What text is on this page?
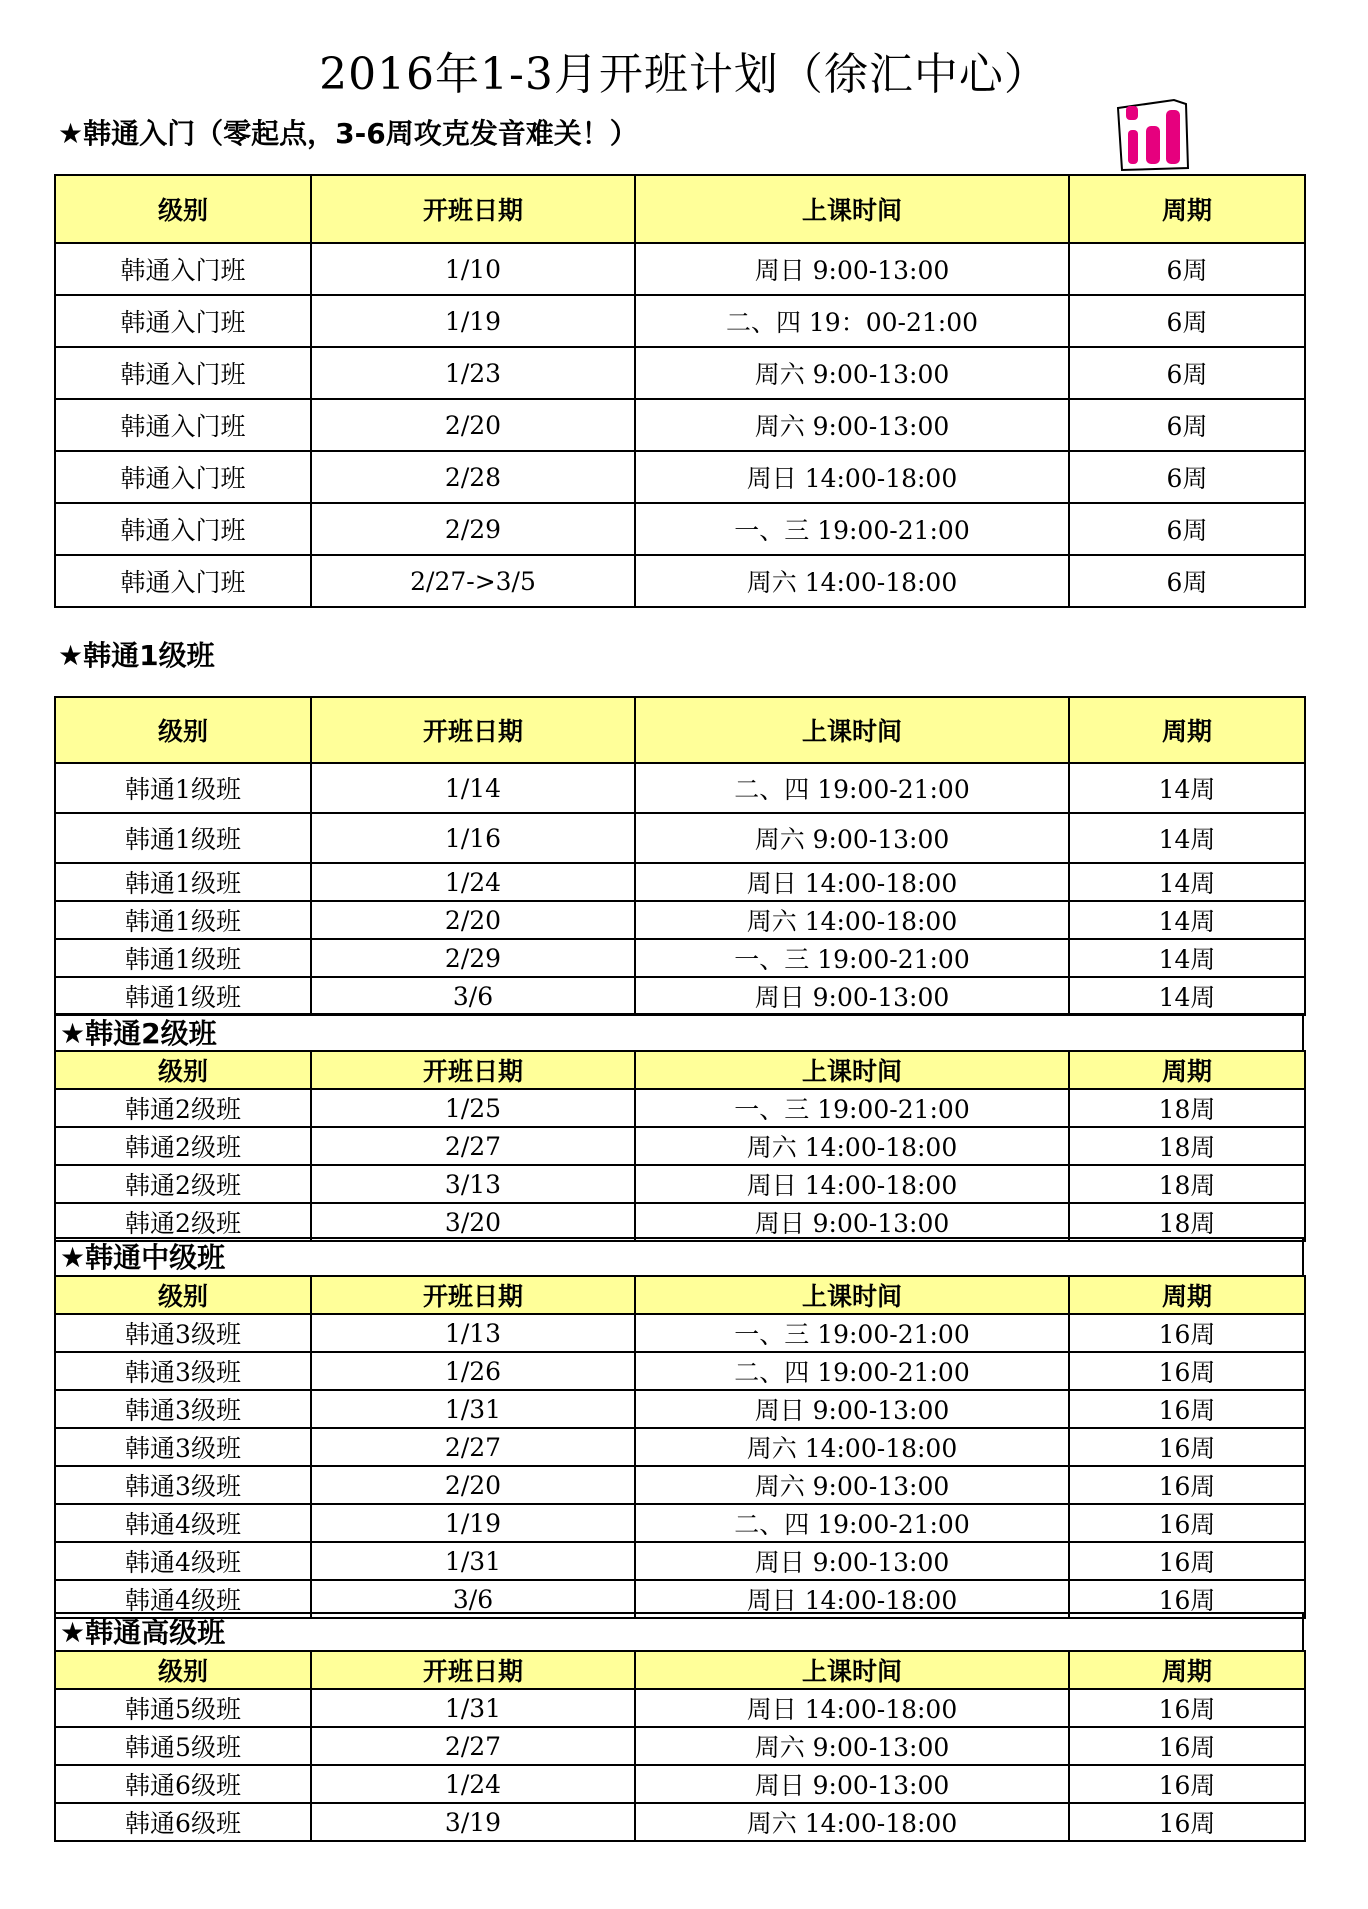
2016年1-3月开班计划（徐汇中心）
★韩通入门（零起点，3-6周攻克发音难关！）
级别	开班日期	上课时间	周期
韩通入门班	1/10	周日 9:00-13:00	6周
韩通入门班	1/19	二、四 19：00-21:00	6周
韩通入门班	1/23	周六 9:00-13:00	6周
韩通入门班	2/20	周六 9:00-13:00	6周
韩通入门班	2/28	周日 14:00-18:00	6周
韩通入门班	2/29	一、三 19:00-21:00	6周
韩通入门班	2/27->3/5	周六 14:00-18:00	6周
★韩通1级班
级别	开班日期	上课时间	周期
韩通1级班	1/14	二、四 19:00-21:00	14周
韩通1级班	1/16	周六 9:00-13:00	14周
韩通1级班	1/24	周日 14:00-18:00	14周
韩通1级班	2/20	周六 14:00-18:00	14周
韩通1级班	2/29	一、三 19:00-21:00	14周
韩通1级班	3/6	周日 9:00-13:00	14周
★韩通2级班
级别	开班日期	上课时间	周期
韩通2级班	1/25	一、三 19:00-21:00	18周
韩通2级班	2/27	周六 14:00-18:00	18周
韩通2级班	3/13	周日 14:00-18:00	18周
韩通2级班	3/20	周日 9:00-13:00	18周
★韩通中级班
级别	开班日期	上课时间	周期
韩通3级班	1/13	一、三 19:00-21:00	16周
韩通3级班	1/26	二、四 19:00-21:00	16周
韩通3级班	1/31	周日 9:00-13:00	16周
韩通3级班	2/27	周六 14:00-18:00	16周
韩通3级班	2/20	周六 9:00-13:00	16周
韩通4级班	1/19	二、四 19:00-21:00	16周
韩通4级班	1/31	周日 9:00-13:00	16周
韩通4级班	3/6	周日 14:00-18:00	16周
★韩通高级班
级别	开班日期	上课时间	周期
韩通5级班	1/31	周日 14:00-18:00	16周
韩通5级班	2/27	周六 9:00-13:00	16周
韩通6级班	1/24	周日 9:00-13:00	16周
韩通6级班	3/19	周六 14:00-18:00	16周
